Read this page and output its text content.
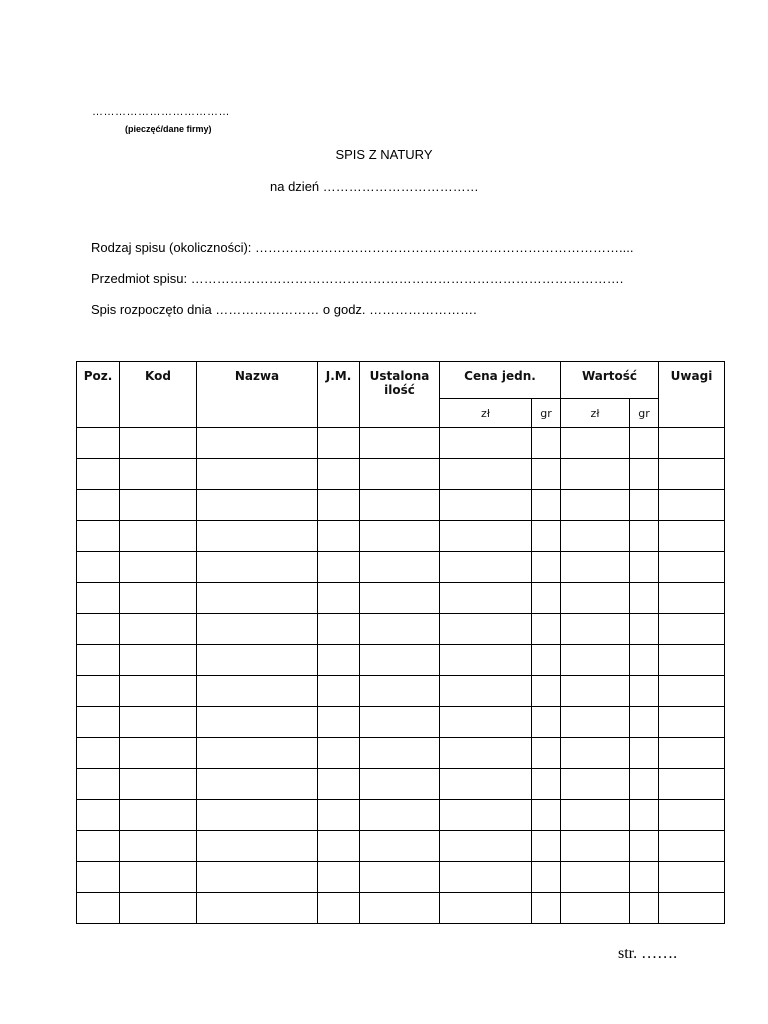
………………………………
(pieczęć/dane firmy)
SPIS Z NATURY
na dzień ………………………………
Rodzaj spisu (okoliczności): …………………………………………………………………………....
Przedmiot spisu: ……………………………………………………………………………………….
Spis rozpoczęto dnia …………………… o godz. …………………….
Poz.	Kod	Nazwa	J.M.	Ustalona
ilość	Cena jedn.		Wartość		Uwagi
					zł	gr	zł	gr	

str. …….
